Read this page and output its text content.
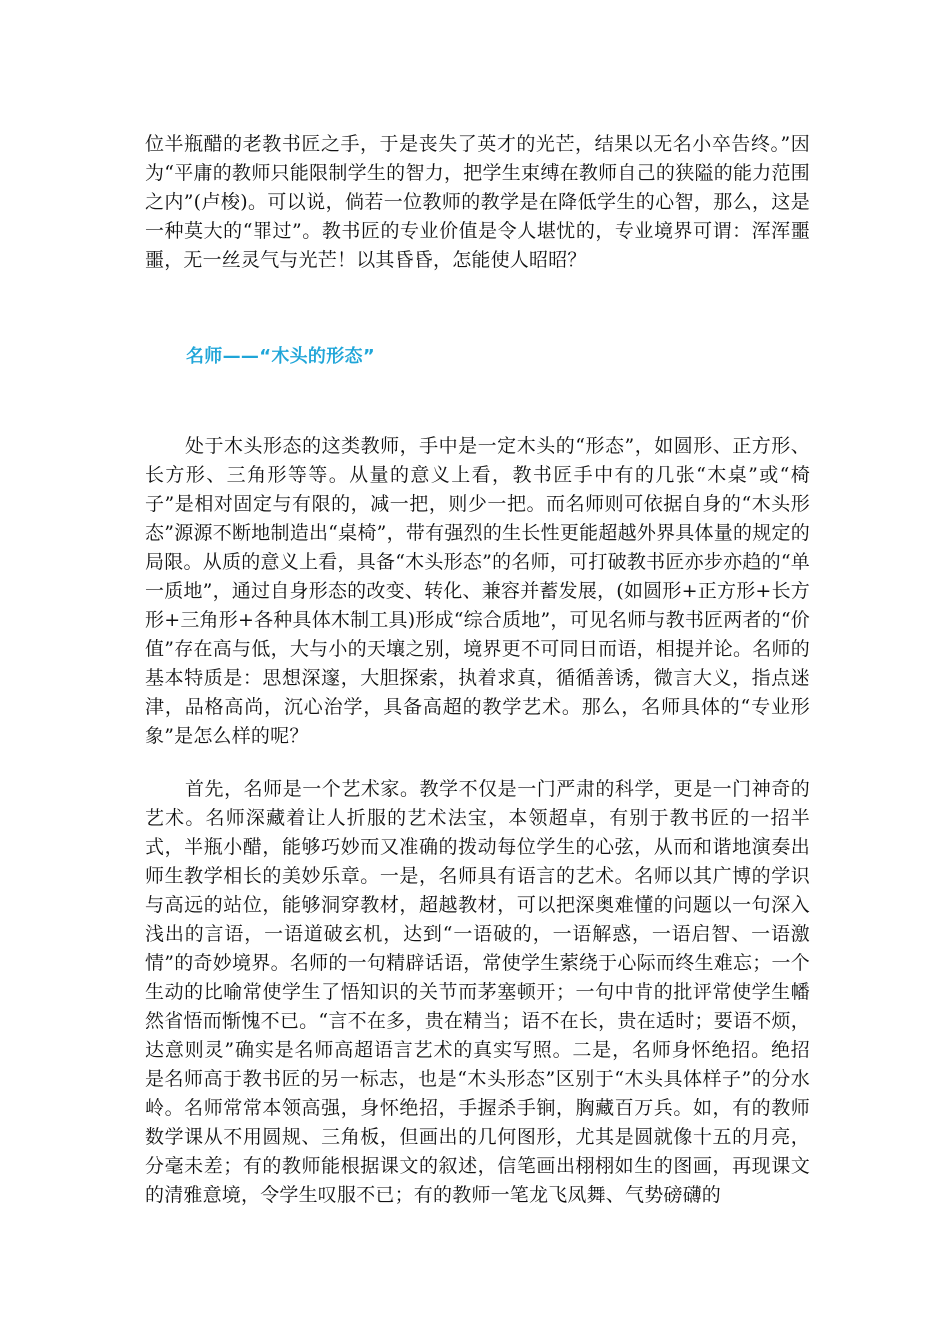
位半瓶醋的老教书匠之手，于是丧失了英才的光芒，结果以无名小卒告终。”因为“平庸的教师只能限制学生的智力，把学生束缚在教师自己的狭隘的能力范围之内”(卢梭)。可以说，倘若一位教师的教学是在降低学生的心智，那么，这是一种莫大的“罪过”。教书匠的专业价值是令人堪忧的，专业境界可谓：浑浑噩噩，无一丝灵气与光芒！以其昏昏，怎能使人昭昭？

名师——“木头的形态”

处于木头形态的这类教师，手中是一定木头的“形态”，如圆形、正方形、长方形、三角形等等。从量的意义上看，教书匠手中有的几张“木桌”或“椅子”是相对固定与有限的，减一把，则少一把。而名师则可依据自身的“木头形态”源源不断地制造出“桌椅”，带有强烈的生长性更能超越外界具体量的规定的局限。从质的意义上看，具备“木头形态”的名师，可打破教书匠亦步亦趋的“单一质地”，通过自身形态的改变、转化、兼容并蓄发展，(如圆形+正方形+长方形+三角形+各种具体木制工具)形成“综合质地”，可见名师与教书匠两者的“价值”存在高与低，大与小的天壤之别，境界更不可同日而语，相提并论。名师的基本特质是：思想深邃，大胆探索，执着求真，循循善诱，微言大义，指点迷津，品格高尚，沉心治学，具备高超的教学艺术。那么，名师具体的“专业形象”是怎么样的呢？

首先，名师是一个艺术家。教学不仅是一门严肃的科学，更是一门神奇的艺术。名师深藏着让人折服的艺术法宝，本领超卓，有别于教书匠的一招半式，半瓶小醋，能够巧妙而又准确的拨动每位学生的心弦，从而和谐地演奏出师生教学相长的美妙乐章。一是，名师具有语言的艺术。名师以其广博的学识与高远的站位，能够洞穿教材，超越教材，可以把深奥难懂的问题以一句深入浅出的言语，一语道破玄机，达到“一语破的，一语解惑，一语启智、一语激情”的奇妙境界。名师的一句精辟话语，常使学生萦绕于心际而终生难忘；一个生动的比喻常使学生了悟知识的关节而茅塞顿开；一句中肯的批评常使学生幡然省悟而惭愧不已。“言不在多，贵在精当；语不在长，贵在适时；要语不烦，达意则灵”确实是名师高超语言艺术的真实写照。二是，名师身怀绝招。绝招 是名师高于教书匠的另一标志，也是“木头形态”区别于“木头具体样子”的分水岭。名师常常本领高强，身怀绝招，手握杀手锏，胸藏百万兵。如，有的教师数学课从不用圆规、三角板，但画出的几何图形，尤其是圆就像十五的月亮，分毫未差；有的教师能根据课文的叙述，信笔画出栩栩如生的图画，再现课文的清雅意境，令学生叹服不已；有的教师一笔龙飞凤舞、气势磅礴的
